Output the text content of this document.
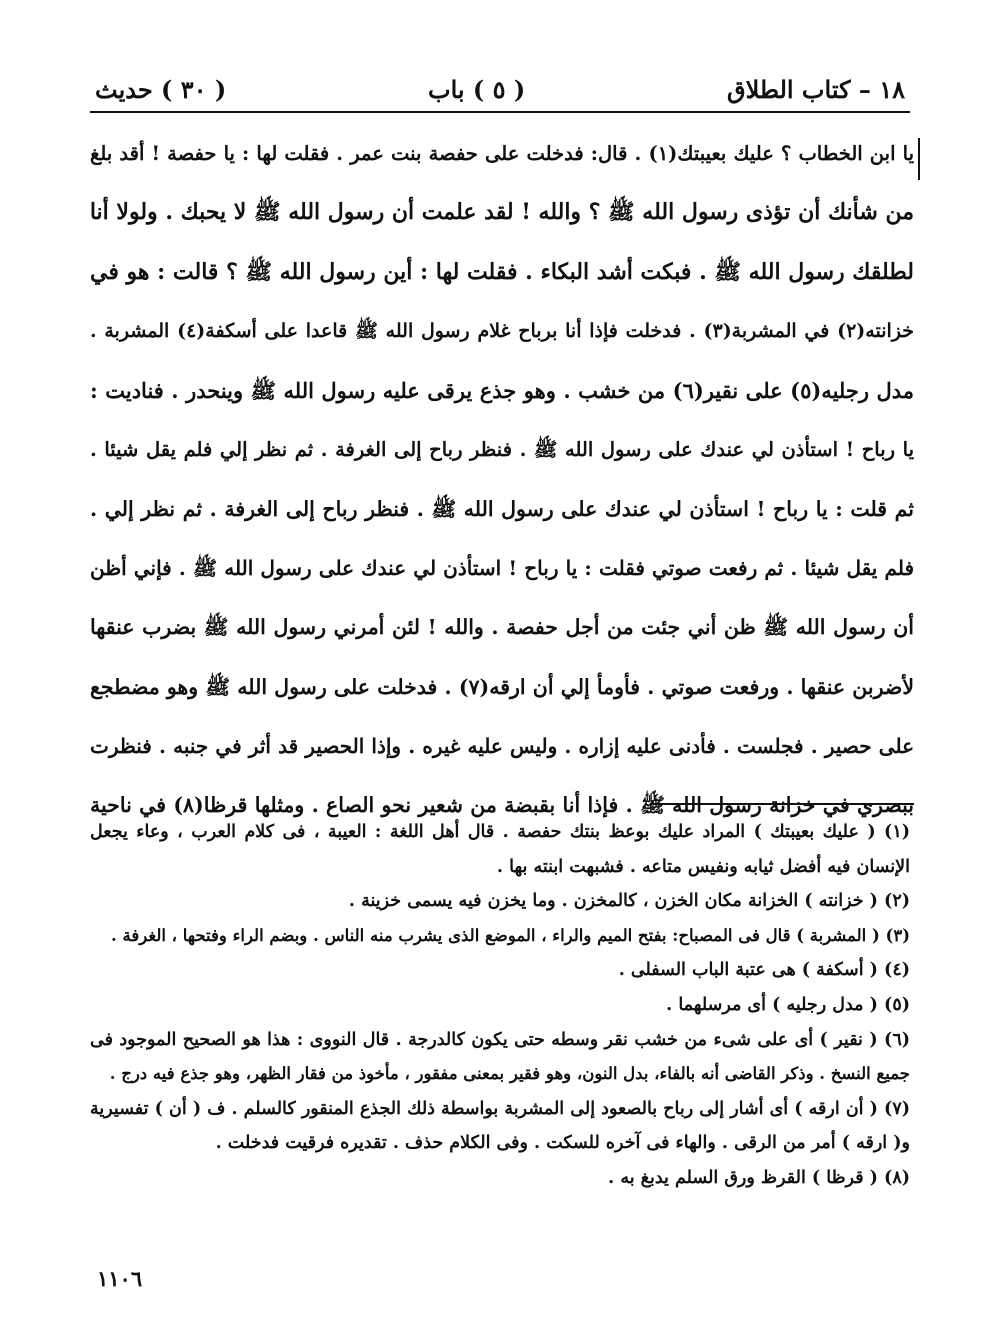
١٨ – كتاب الطلاق
( ٥ ) باب
( ٣٠ ) حديث
يا ابن الخطاب ؟ عليك بعيبتك(١) . قال: فدخلت على حفصة بنت عمر . فقلت لها : يا حفصة ! أقد بلغ
من شأنك أن تؤذى رسول الله ﷺ ؟ والله ! لقد علمت أن رسول الله ﷺ لا يحبك . ولولا أنا
لطلقك رسول الله ﷺ . فبكت أشد البكاء . فقلت لها : أين رسول الله ﷺ ؟ قالت : هو في
خزانته(٢) في المشربة(٣) . فدخلت فإذا أنا برباح غلام رسول الله ﷺ قاعدا على أسكفة(٤) المشربة .
مدل رجليه(٥) على نقير(٦) من خشب . وهو جذع يرقى عليه رسول الله ﷺ وينحدر . فناديت :
يا رباح ! استأذن لي عندك على رسول الله ﷺ . فنظر رباح إلى الغرفة . ثم نظر إلي فلم يقل شيئا .
ثم قلت : يا رباح ! استأذن لي عندك على رسول الله ﷺ . فنظر رباح إلى الغرفة . ثم نظر إلي .
فلم يقل شيئا . ثم رفعت صوتي فقلت : يا رباح ! استأذن لي عندك على رسول الله ﷺ . فإني أظن
أن رسول الله ﷺ ظن أني جئت من أجل حفصة . والله ! لئن أمرني رسول الله ﷺ بضرب عنقها
لأضربن عنقها . ورفعت صوتي . فأومأ إلي أن ارقه(٧) . فدخلت على رسول الله ﷺ وهو مضطجع
على حصير . فجلست . فأدنى عليه إزاره . وليس عليه غيره . وإذا الحصير قد أثر في جنبه . فنظرت
ببصري في خزانة رسول الله ﷺ . فإذا أنا بقبضة من شعير نحو الصاع . ومثلها قرظا(٨) في ناحية
(١) ( عليك بعيبتك ) المراد عليك بوعظ بنتك حفصة . قال أهل اللغة : العيبة ، فى كلام العرب ، وعاء يجعل
الإنسان فيه أفضل ثيابه ونفيس متاعه . فشبهت ابنته بها .
(٢) ( خزانته ) الخزانة مكان الخزن ، كالمخزن . وما يخزن فيه يسمى خزينة .
(٣) ( المشربة ) قال فى المصباح: بفتح الميم والراء ، الموضع الذى يشرب منه الناس . وبضم الراء وفتحها ، الغرفة .
(٤) ( أسكفة ) هى عتبة الباب السفلى .
(٥) ( مدل رجليه ) أى مرسلهما .
(٦) ( نقير ) أى على شىء من خشب نقر وسطه حتى يكون كالدرجة . قال النووى : هذا هو الصحيح الموجود فى
جميع النسخ . وذكر القاضى أنه بالفاء، بدل النون، وهو فقير بمعنى مفقور ، مأخوذ من فقار الظهر، وهو جذع فيه درج .
(٧) ( أن ارقه ) أى أشار إلى رباح بالصعود إلى المشربة بواسطة ذلك الجذع المنقور كالسلم . ف ( أن ) تفسيرية
و( ارقه ) أمر من الرقى . والهاء فى آخره للسكت . وفى الكلام حذف . تقديره فرقيت فدخلت .
(٨) ( قرظا ) القرظ ورق السلم يدبغ به .
١١٠٦
